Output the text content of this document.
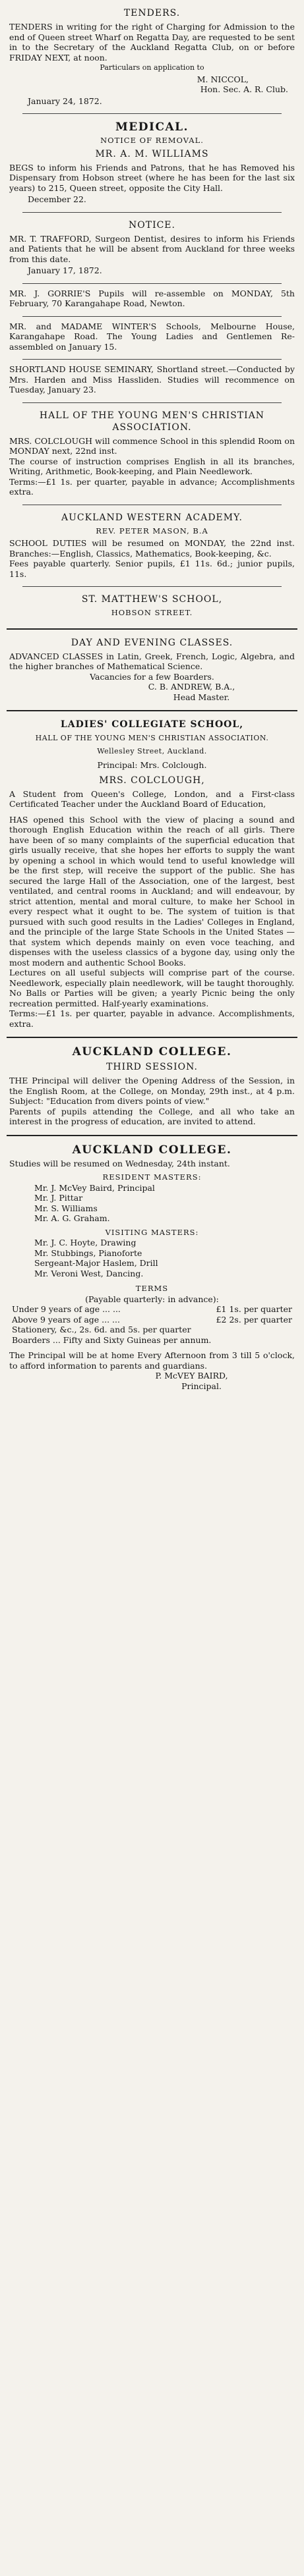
TENDERS.

TENDERS in writing for the right of Charging for Admission to the end of Queen street Wharf on Regatta Day, are requested to be sent in to the Secretary of the Auckland Regatta Club, on or before FRIDAY NEXT, at noon.

Particulars on application to

M. NICCOL,
Hon. Sec. A. R. Club.
January 24, 1872.
MEDICAL.
NOTICE OF REMOVAL.
MR. A. M. WILLIAMS

BEGS to inform his Friends and Patrons, that he has Removed his Dispensary from Hobson street (where he has been for the last six years) to 215, Queen street, opposite the City Hall.

December 22.
NOTICE.

MR. T. TRAFFORD, Surgeon Dentist, desires to inform his Friends and Patients that he will be absent from Auckland for three weeks from this date.

January 17, 1872.

MR. J. GORRIE'S Pupils will re-assemble on MONDAY, 5th February, 70 Karangahape Road, Newton.

MR. and MADAME WINTER'S Schools, Melbourne House, Karangahape Road. The Young Ladies and Gentlemen Re-assembled on January 15.

SHORTLAND HOUSE SEMINARY, Shortland street.—Conducted by Mrs. Harden and Miss Hassliden. Studies will recommence on Tuesday, January 23.

HALL OF THE YOUNG MEN'S CHRISTIAN ASSOCIATION.

MRS. COLCLOUGH will commence School in this splendid Room on MONDAY next, 22nd inst.

The course of instruction comprises English in all its branches, Writing, Arithmetic, Book-keeping, and Plain Needlework.

Terms:—£1 1s. per quarter, payable in advance; Accomplishments extra.

AUCKLAND WESTERN ACADEMY.
REV. PETER MASON, B.A

SCHOOL DUTIES will be resumed on MONDAY, the 22nd inst. Branches:—English, Classics, Mathematics, Book-keeping, &c.

Fees payable quarterly. Senior pupils, £1 11s. 6d.; junior pupils, 11s.

ST. MATTHEW'S SCHOOL,
HOBSON STREET.
DAY AND EVENING CLASSES.

ADVANCED CLASSES in Latin, Greek, French, Logic, Algebra, and the higher branches of Mathematical Science.

Vacancies for a few Boarders.

C. B. ANDREW, B.A.,
Head Master.
LADIES' COLLEGIATE SCHOOL,
HALL OF THE YOUNG MEN'S CHRISTIAN ASSOCIATION.
Wellesley Street, Auckland.
Principal: Mrs. Colclough.
MRS. COLCLOUGH,

A Student from Queen's College, London, and a First-class Certificated Teacher under the Auckland Board of Education,

HAS opened this School with the view of placing a sound and thorough English Education within the reach of all girls. There have been of so many complaints of the superficial education that girls usually receive, that she hopes her efforts to supply the want by opening a school in which would tend to useful knowledge will be the first step, will receive the support of the public. She has secured the large Hall of the Association, one of the largest, best ventilated, and central rooms in Auckland; and will endeavour, by strict attention, mental and moral culture, to make her School in every respect what it ought to be. The system of tuition is that pursued with such good results in the Ladies' Colleges in England, and the principle of the large State Schools in the United States —that system which depends mainly on even voce teaching, and dispenses with the useless classics of a bygone day, using only the most modern and authentic School Books.

Lectures on all useful subjects will comprise part of the course. Needlework, especially plain needlework, will be taught thoroughly.

No Balls or Parties will be given; a yearly Picnic being the only recreation permitted. Half-yearly examinations.

Terms:—£1 1s. per quarter, payable in advance. Accomplishments, extra.

AUCKLAND COLLEGE.
THIRD SESSION.

THE Principal will deliver the Opening Address of the Session, in the English Room, at the College, on Monday, 29th inst., at 4 p.m. Subject: "Education from divers points of view."

Parents of pupils attending the College, and all who take an interest in the progress of education, are invited to attend.

AUCKLAND COLLEGE.

Studies will be resumed on Wednesday, 24th instant.

RESIDENT MASTERS:
Mr. J. McVey Baird, Principal
Mr. J. Pittar
Mr. S. Williams
Mr. A. G. Graham.
VISITING MASTERS:
Mr. J. C. Hoyte, Drawing
Mr. Stubbings, Pianoforte
Sergeant-Major Haslem, Drill
Mr. Veroni West, Dancing.
TERMS
(Payable quarterly: in advance):
Under 9 years of age ... ...	£1 1s. per quarter
Above 9 years of age ... ...	£2 2s. per quarter
Stationery, &c., 2s. 6d. and 5s. per quarter
Boarders ... Fifty and Sixty Guineas per annum.

The Principal will be at home Every Afternoon from 3 till 5 o'clock, to afford information to parents and guardians.

P. McVEY BAIRD,
Principal.
